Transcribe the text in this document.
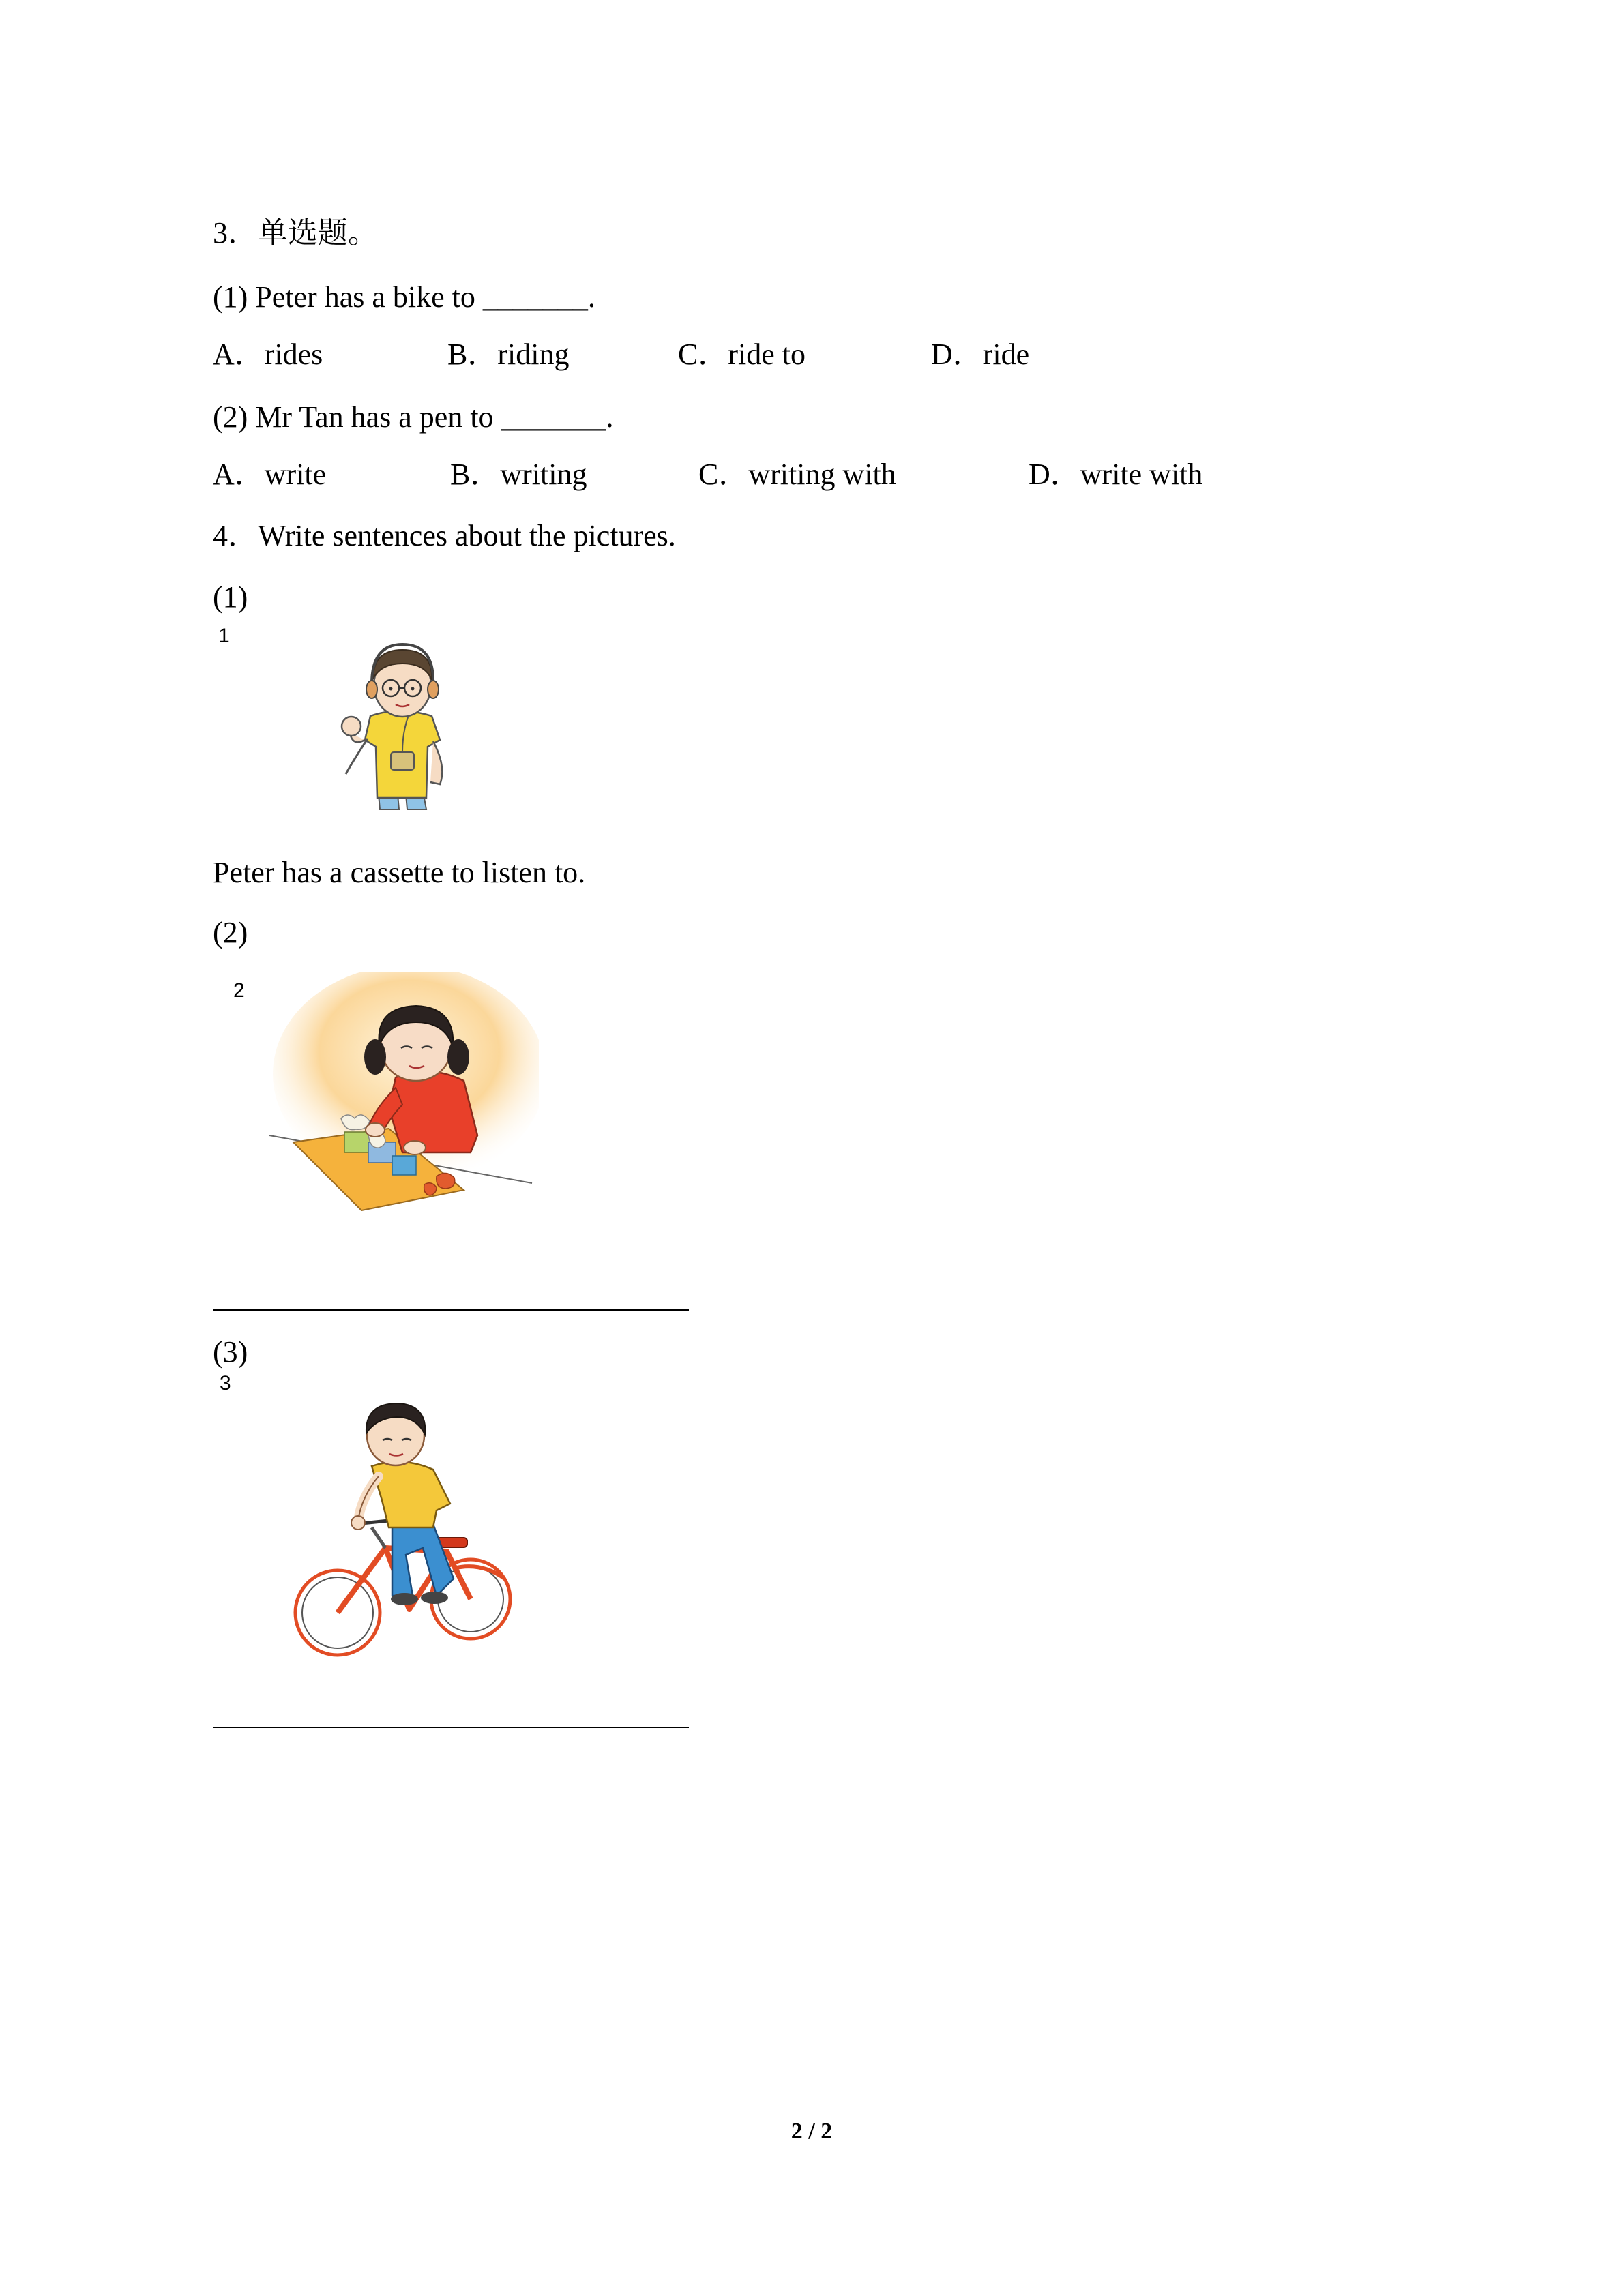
3．单选题。
(1) Peter has a bike to _______.
A．rides	B．riding	C．ride to	D．ride
(2) Mr Tan has a pen to _______.
A．write	B．writing	C．writing with	D．write with
4．Write sentences about the pictures.
(1)
1
Peter has a cassette to listen to.
(2)
2
(3)
3
2 / 2
